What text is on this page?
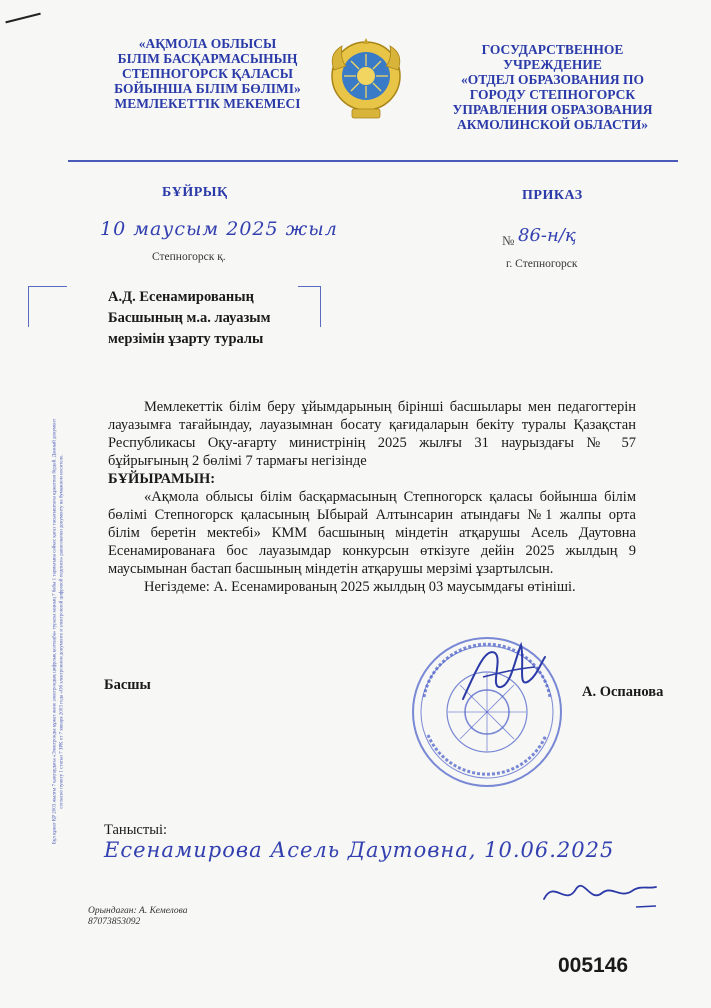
«АҚМОЛА ОБЛЫСЫ
БІЛІМ БАСҚАРМАСЫНЫҢ
СТЕПНОГОРСК ҚАЛАСЫ
БОЙЫНША БІЛІМ БӨЛІМІ»
МЕМЛЕКЕТТІК МЕКЕМЕСІ
ГОСУДАРСТВЕННОЕ
УЧРЕЖДЕНИЕ
«ОТДЕЛ ОБРАЗОВАНИЯ ПО
ГОРОДУ СТЕПНОГОРСК
УПРАВЛЕНИЯ ОБРАЗОВАНИЯ
АКМОЛИНСКОЙ ОБЛАСТИ»
БҰЙРЫҚ	ПРИКАЗ
10 маусым 2025 жыл
Степногорск қ.
№ 86-н/қ
г. Степногорск
А.Д. Есенамированың
Басшының м.а. лауазым
мерзімін ұзарту туралы

Мемлекеттік білім беру ұйымдарының бірінші басшылары мен педагогтерін лауазымға тағайындау, лауазымнан босату қағидаларын бекіту туралы Қазақстан Республикасы Оқу-ағарту министрінің 2025 жылғы 31 наурыздағы № 57 бұйрығының 2 бөлімі 7 тармағы негізінде

БҰЙЫРАМЫН:

«Ақмола облысы білім басқармасының Степногорск қаласы бойынша білім бөлімі Степногорск қаласының Ыбырай Алтынсарин атындағы №1 жалпы орта білім беретін мектебі» КММ басшының міндетін атқарушы Асель Даутовна Есенамированаға бос лауазымдар конкурсын өткізуге дейін 2025 жылдың 9 маусымынан бастап басшының міндетін атқарушы мерзімі ұзартылсын.

Негіздеме: А. Есенамированың 2025 жылдың 03 маусымдағы өтініші.

Басшы	А. Оспанова
Таныстыі:
Есенамирова Асель Даутовна, 10.06.2025
Орындаған: А. Кемелова
87073853092
005146
Бұл құжат ҚР 2003 жылғы 7 қаңтардағы «Электронды құжат және электрондық цифрлық қолтаңба» туралы заңның 7 бабы 1 тармағына сәйкес қағаз тасығыштағы құжатпен бірдей. Данный документ согласно пункту 1 статьи 7 ЗРК от 7 января 2003 года «Об электронном документе и электронной цифровой подписи» равнозначен документу на бумажном носителе.
